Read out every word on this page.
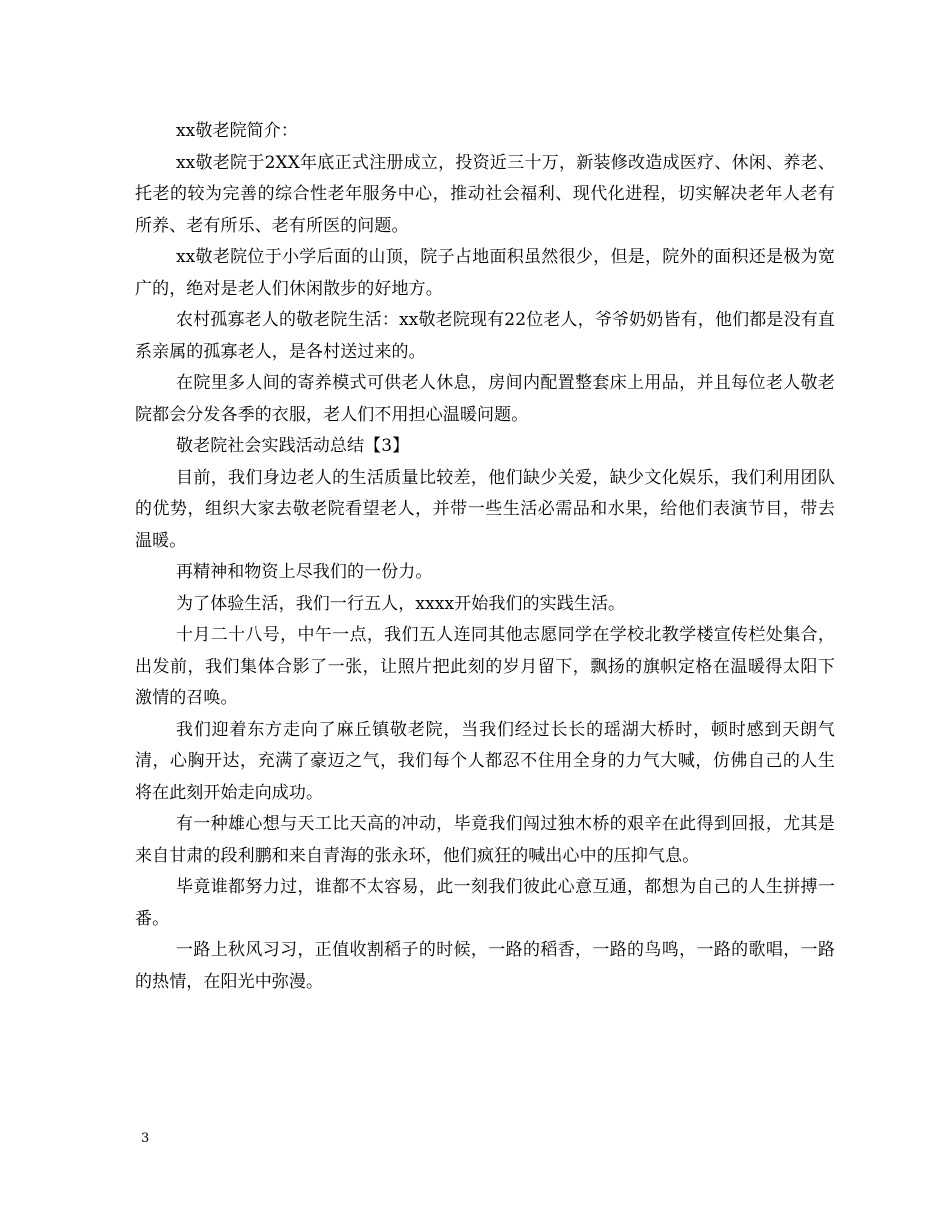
xx敬老院简介：

xx敬老院于2XX年底正式注册成立，投资近三十万，新装修改造成医疗、休闲、养老、托老的较为完善的综合性老年服务中心，推动社会福利、现代化进程，切实解决老年人老有所养、老有所乐、老有所医的问题。

xx敬老院位于小学后面的山顶，院子占地面积虽然很少，但是，院外的面积还是极为宽广的，绝对是老人们休闲散步的好地方。

农村孤寡老人的敬老院生活：xx敬老院现有22位老人，爷爷奶奶皆有，他们都是没有直系亲属的孤寡老人，是各村送过来的。

在院里多人间的寄养模式可供老人休息，房间内配置整套床上用品，并且每位老人敬老院都会分发各季的衣服，老人们不用担心温暖问题。

敬老院社会实践活动总结【3】

目前，我们身边老人的生活质量比较差，他们缺少关爱，缺少文化娱乐，我们利用团队的优势，组织大家去敬老院看望老人，并带一些生活必需品和水果，给他们表演节目，带去温暖。

再精神和物资上尽我们的一份力。

为了体验生活，我们一行五人，xxxx开始我们的实践生活。

十月二十八号，中午一点，我们五人连同其他志愿同学在学校北教学楼宣传栏处集合，出发前，我们集体合影了一张，让照片把此刻的岁月留下，飘扬的旗帜定格在温暖得太阳下激情的召唤。

我们迎着东方走向了麻丘镇敬老院，当我们经过长长的瑶湖大桥时，顿时感到天朗气清，心胸开达，充满了豪迈之气，我们每个人都忍不住用全身的力气大喊，仿佛自己的人生将在此刻开始走向成功。

有一种雄心想与天工比天高的冲动，毕竟我们闯过独木桥的艰辛在此得到回报，尤其是来自甘肃的段利鹏和来自青海的张永环，他们疯狂的喊出心中的压抑气息。

毕竟谁都努力过，谁都不太容易，此一刻我们彼此心意互通，都想为自己的人生拼搏一番。

一路上秋风习习，正值收割稻子的时候，一路的稻香，一路的鸟鸣，一路的歌唱，一路的热情，在阳光中弥漫。

3
